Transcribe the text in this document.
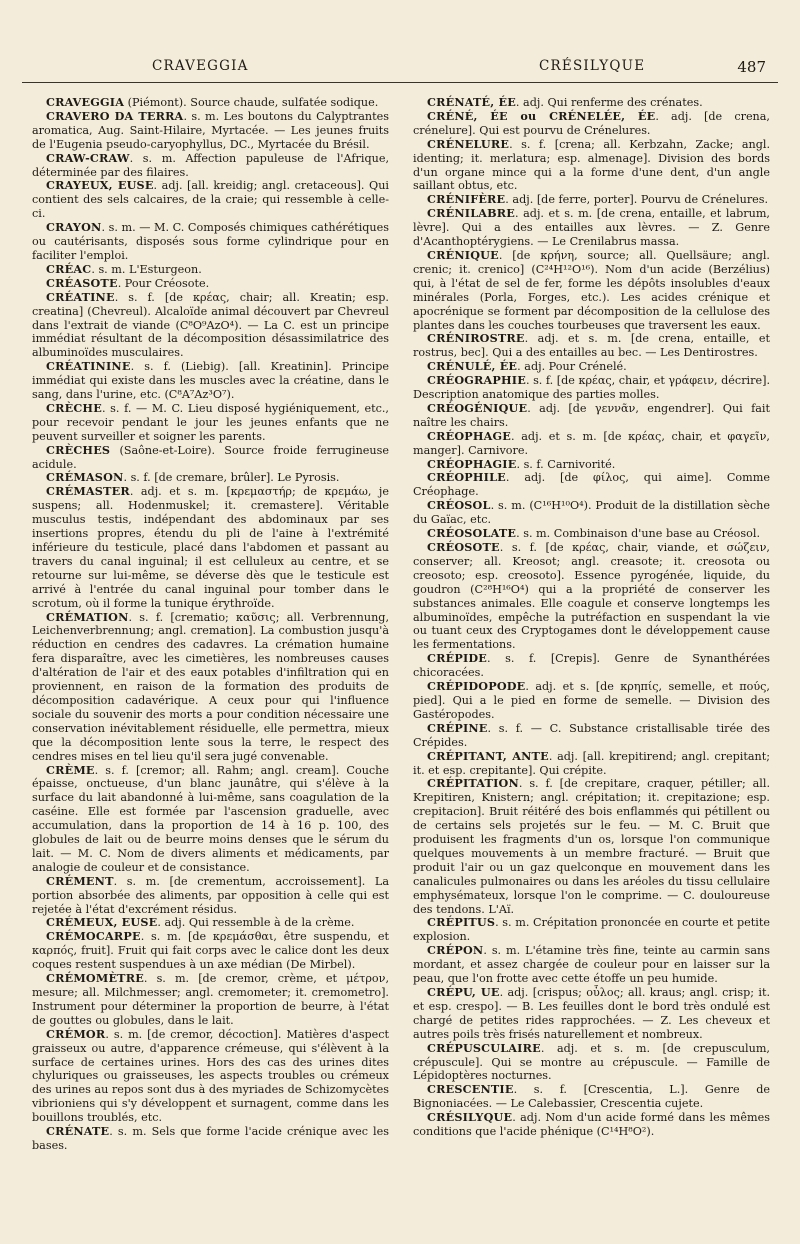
CRAVEGGIA	CRÉSILYQUE	487

CRAVEGGIA (Piémont). Source chaude, sulfatée sodique.

CRAVERO DA TERRA. s. m. Les boutons du Calyptrantes aromatica, Aug. Saint-Hilaire, Myrtacée. — Les jeunes fruits de l'Eugenia pseudo-caryophyllus, DC., Myrtacée du Brésil.

CRAW-CRAW. s. m. Affection papuleuse de l'Afrique, déterminée par des filaires.

CRAYEUX, EUSE. adj. [all. kreidig; angl. cretaceous]. Qui contient des sels calcaires, de la craie; qui ressemble à celle-ci.

CRAYON. s. m. — M. C. Composés chimiques cathérétiques ou cautérisants, disposés sous forme cylindrique pour en faciliter l'emploi.

CRÉAC. s. m. L'Esturgeon.

CRÉASOTE. Pour Créosote.

CRÉATINE. s. f. [de κρέας, chair; all. Kreatin; esp. creatina] (Chevreul). Alcaloïde animal découvert par Chevreul dans l'extrait de viande (C⁸O⁹AzO⁴). — La C. est un principe immédiat résultant de la décomposition désassimilatrice des albuminoïdes musculaires.

CRÉATININE. s. f. (Liebig). [all. Kreatinin]. Principe immédiat qui existe dans les muscles avec la créatine, dans le sang, dans l'urine, etc. (C⁸A⁷Az³O⁷).

CRÈCHE. s. f. — M. C. Lieu disposé hygiéniquement, etc., pour recevoir pendant le jour les jeunes enfants que ne peuvent surveiller et soigner les parents.

CRÈCHES (Saône-et-Loire). Source froide ferrugineuse acidule.

CRÉMASON. s. f. [de cremare, brûler]. Le Pyrosis.

CRÉMASTER. adj. et s. m. [κρεμαστήρ; de κρεμάω, je suspens; all. Hodenmuskel; it. cremastere]. Véritable musculus testis, indépendant des abdominaux par ses insertions propres, étendu du pli de l'aine à l'extrémité inférieure du testicule, placé dans l'abdomen et passant au travers du canal inguinal; il est celluleux au centre, et se retourne sur lui-même, se déverse dès que le testicule est arrivé à l'entrée du canal inguinal pour tomber dans le scrotum, où il forme la tunique érythroïde.

CRÉMATION. s. f. [crematio; καῦσις; all. Verbrennung, Leichenverbrennung; angl. cremation]. La combustion jusqu'à réduction en cendres des cadavres. La crémation humaine fera disparaître, avec les cimetières, les nombreuses causes d'altération de l'air et des eaux potables d'infiltration qui en proviennent, en raison de la formation des produits de décomposition cadavérique. A ceux pour qui l'influence sociale du souvenir des morts a pour condition nécessaire une conservation inévitablement résiduelle, elle permettra, mieux que la décomposition lente sous la terre, le respect des cendres mises en tel lieu qu'il sera jugé convenable.

CRÈME. s. f. [cremor; all. Rahm; angl. cream]. Couche épaisse, onctueuse, d'un blanc jaunâtre, qui s'élève à la surface du lait abandonné à lui-même, sans coagulation de la caséine. Elle est formée par l'ascension graduelle, avec accumulation, dans la proportion de 14 à 16 p. 100, des globules de lait ou de beurre moins denses que le sérum du lait. — M. C. Nom de divers aliments et médicaments, par analogie de couleur et de consistance.

CRÉMENT. s. m. [de crementum, accroissement]. La portion absorbée des aliments, par opposition à celle qui est rejetée à l'état d'excrément résidus.

CRÉMEUX, EUSE. adj. Qui ressemble à de la crème.

CRÉMOCARPE. s. m. [de κρεμάσθαι, être suspendu, et καρπός, fruit]. Fruit qui fait corps avec le calice dont les deux coques restent suspendues à un axe médian (De Mirbel).

CRÉMOMÈTRE. s. m. [de cremor, crème, et μέτρον, mesure; all. Milchmesser; angl. cremometer; it. cremometro]. Instrument pour déterminer la proportion de beurre, à l'état de gouttes ou globules, dans le lait.

CRÉMOR. s. m. [de cremor, décoction]. Matières d'aspect graisseux ou autre, d'apparence crémeuse, qui s'élèvent à la surface de certaines urines. Hors des cas des urines dites chyluriques ou graisseuses, les aspects troubles ou crémeux des urines au repos sont dus à des myriades de Schizomycètes vibrioniens qui s'y développent et surnagent, comme dans les bouillons troublés, etc.

CRÉNATE. s. m. Sels que forme l'acide crénique avec les bases.

CRÉNATÉ, ÉE. adj. Qui renferme des crénates.

CRÉNÉ, ÉE ou CRÉNELÉE, ÉE. adj. [de crena, crénelure]. Qui est pourvu de Crénelures.

CRÉNELURE. s. f. [crena; all. Kerbzahn, Zacke; angl. identing; it. merlatura; esp. almenage]. Division des bords d'un organe mince qui a la forme d'une dent, d'un angle saillant obtus, etc.

CRÉNIFÈRE. adj. [de ferre, porter]. Pourvu de Crénelures.

CRÉNILABRE. adj. et s. m. [de crena, entaille, et labrum, lèvre]. Qui a des entailles aux lèvres. — Z. Genre d'Acanthoptérygiens. — Le Crenilabrus massa.

CRÉNIQUE. [de κρήνη, source; all. Quellsäure; angl. crenic; it. crenico] (C²⁴H¹²O¹⁶). Nom d'un acide (Berzélius) qui, à l'état de sel de fer, forme les dépôts insolubles d'eaux minérales (Porla, Forges, etc.). Les acides crénique et apocrénique se forment par décomposition de la cellulose des plantes dans les couches tourbeuses que traversent les eaux.

CRÉNIROSTRE. adj. et s. m. [de crena, entaille, et rostrus, bec]. Qui a des entailles au bec. — Les Dentirostres.

CRÉNULÉ, ÉE. adj. Pour Crénelé.

CRÉOGRAPHIE. s. f. [de κρέας, chair, et γράφειν, décrire]. Description anatomique des parties molles.

CRÉOGÉNIQUE. adj. [de γεννᾶν, engendrer]. Qui fait naître les chairs.

CRÉOPHAGE. adj. et s. m. [de κρέας, chair, et φαγεῖν, manger]. Carnivore.

CRÉOPHAGIE. s. f. Carnivorité.

CRÉOPHILE. adj. [de φίλος, qui aime]. Comme Créophage.

CRÉOSOL. s. m. (C¹⁶H¹⁰O⁴). Produit de la distillation sèche du Gaïac, etc.

CRÉOSOLATE. s. m. Combinaison d'une base au Créosol.

CRÉOSOTE. s. f. [de κρέας, chair, viande, et σώζειν, conserver; all. Kreosot; angl. creasote; it. creosota ou creosoto; esp. creosoto]. Essence pyrogénée, liquide, du goudron (C²⁸H¹⁶O⁴) qui a la propriété de conserver les substances animales. Elle coagule et conserve longtemps les albuminoïdes, empêche la putréfaction en suspendant la vie ou tuant ceux des Cryptogames dont le développement cause les fermentations.

CRÉPIDE. s. f. [Crepis]. Genre de Synanthérées chicoracées.

CRÉPIDOPODE. adj. et s. [de κρηπίς, semelle, et πούς, pied]. Qui a le pied en forme de semelle. — Division des Gastéropodes.

CRÉPINE. s. f. — C. Substance cristallisable tirée des Crépides.

CRÉPITANT, ANTE. adj. [all. krepitirend; angl. crepitant; it. et esp. crepitante]. Qui crépite.

CRÉPITATION. s. f. [de crepitare, craquer, pétiller; all. Krepitiren, Knistern; angl. crépitation; it. crepitazione; esp. crepitacion]. Bruit réitéré des bois enflammés qui pétillent ou de certains sels projetés sur le feu. — M. C. Bruit que produisent les fragments d'un os, lorsque l'on communique quelques mouvements à un membre fracturé. — Bruit que produit l'air ou un gaz quelconque en mouvement dans les canalicules pulmonaires ou dans les aréoles du tissu cellulaire emphysémateux, lorsque l'on le comprime. — C. douloureuse des tendons. L'Aï.

CRÉPITUS. s. m. Crépitation prononcée en courte et petite explosion.

CRÉPON. s. m. L'étamine très fine, teinte au carmin sans mordant, et assez chargée de couleur pour en laisser sur la peau, que l'on frotte avec cette étoffe un peu humide.

CRÉPU, UE. adj. [crispus; οὖλος; all. kraus; angl. crisp; it. et esp. crespo]. — B. Les feuilles dont le bord très ondulé est chargé de petites rides rapprochées. — Z. Les cheveux et autres poils très frisés naturellement et nombreux.

CRÉPUSCULAIRE. adj. et s. m. [de crepusculum, crépuscule]. Qui se montre au crépuscule. — Famille de Lépidoptères nocturnes.

CRESCENTIE. s. f. [Crescentia, L.]. Genre de Bignoniacées. — Le Calebassier, Crescentia cujete.

CRÉSILYQUE. adj. Nom d'un acide formé dans les mêmes conditions que l'acide phénique (C¹⁴H⁸O²).
